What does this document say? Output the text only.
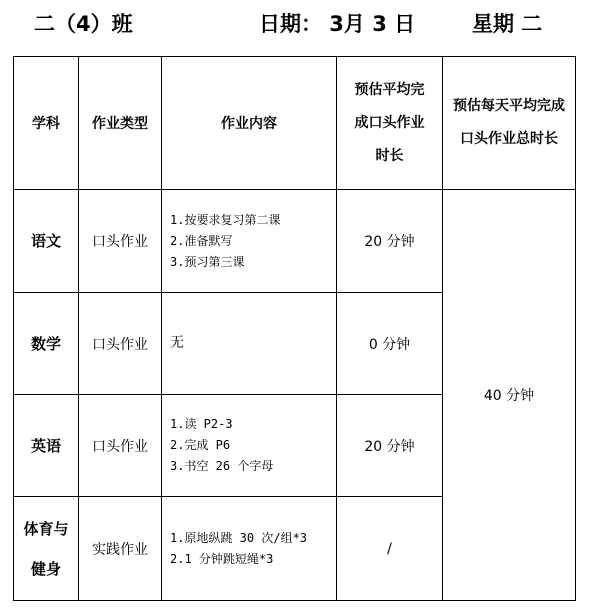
二（4）班	日期： 3月 3 日	星期 二
学科	作业类型	作业内容	预估平均完
成口头作业
时长	预估每天平均完成
口头作业总时长

语文	口头作业	1.按要求复习第二课
2.准备默写
3.预习第三课	20 分钟	40 分钟

数学	口头作业	无	0 分钟	

英语	口头作业	1.读 P2-3
2.完成 P6
3.书空 26 个字母	20 分钟	

体育与
健身	实践作业	1.原地纵跳 30 次/组*3
2.1 分钟跳短绳*3	/	
